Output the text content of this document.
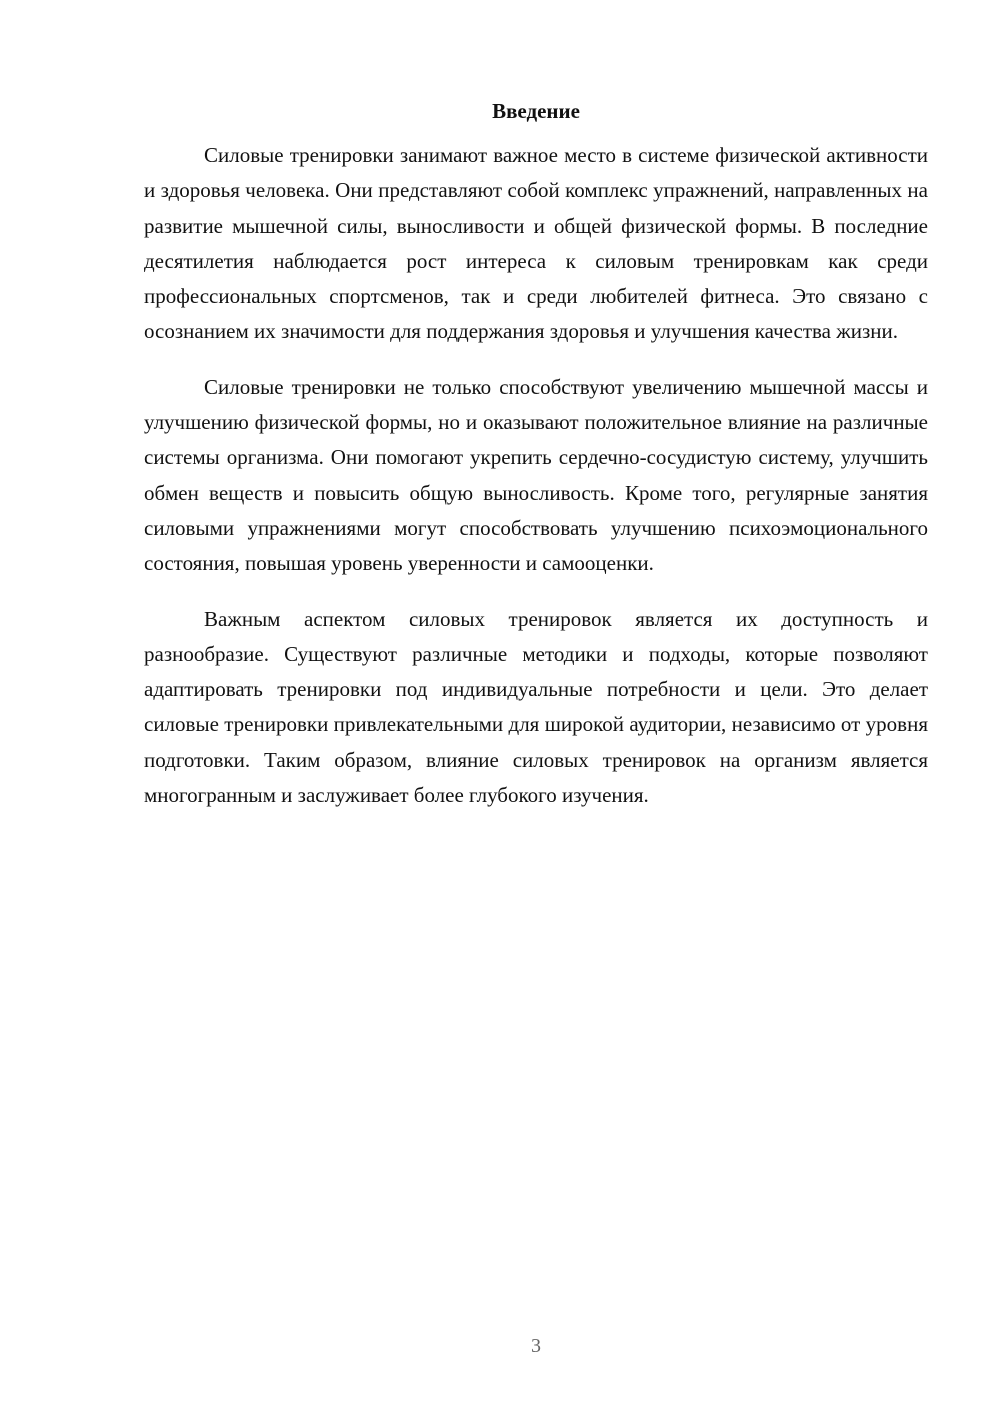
Введение

Силовые тренировки занимают важное место в системе физической активности и здоровья человека. Они представляют собой комплекс упражнений, направленных на развитие мышечной силы, выносливости и общей физической формы. В последние десятилетия наблюдается рост интереса к силовым тренировкам как среди профессиональных спортсменов, так и среди любителей фитнеса. Это связано с осознанием их значимости для поддержания здоровья и улучшения качества жизни.

Силовые тренировки не только способствуют увеличению мышечной массы и улучшению физической формы, но и оказывают положительное влияние на различные системы организма. Они помогают укрепить сердечно-сосудистую систему, улучшить обмен веществ и повысить общую выносливость. Кроме того, регулярные занятия силовыми упражнениями могут способствовать улучшению психоэмоционального состояния, повышая уровень уверенности и самооценки.

Важным аспектом силовых тренировок является их доступность и разнообразие. Существуют различные методики и подходы, которые позволяют адаптировать тренировки под индивидуальные потребности и цели. Это делает силовые тренировки привлекательными для широкой аудитории, независимо от уровня подготовки. Таким образом, влияние силовых тренировок на организм является многогранным и заслуживает более глубокого изучения.

3
